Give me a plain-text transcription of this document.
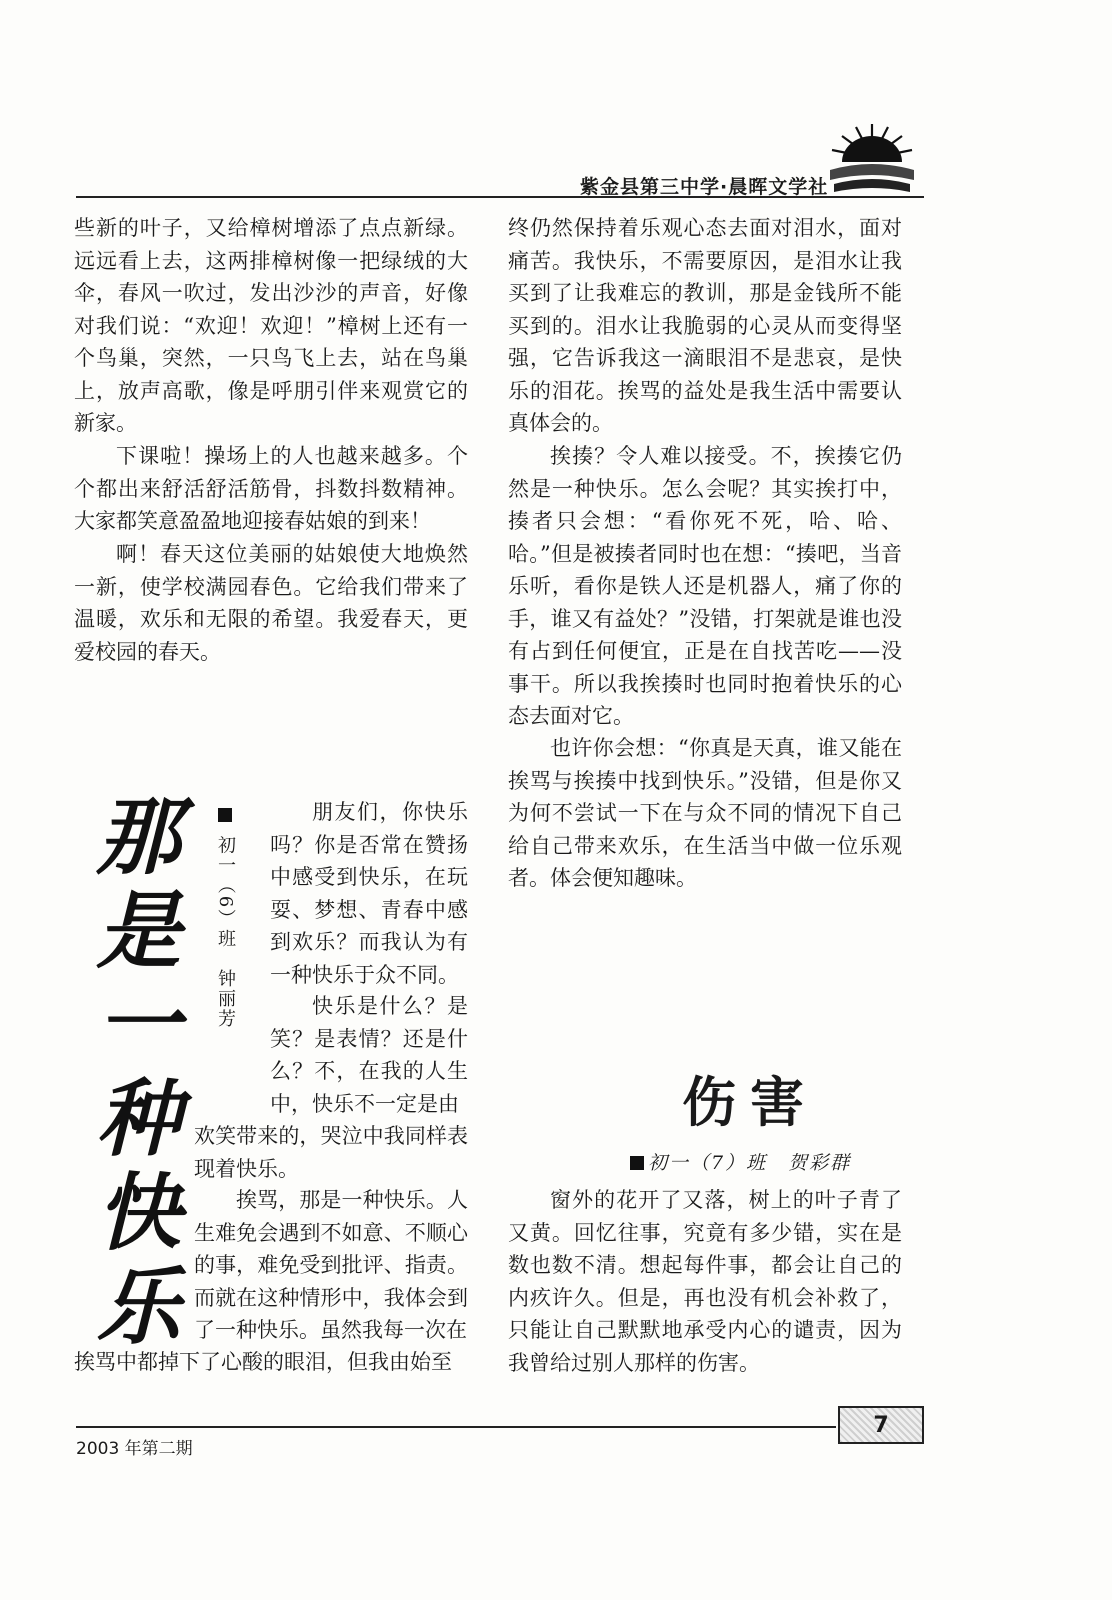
紫金县第三中学·晨晖文学社

些新的叶子，又给樟树增添了点点新绿。远远看上去，这两排樟树像一把绿绒的大伞，春风一吹过，发出沙沙的声音，好像对我们说：“欢迎！欢迎！”樟树上还有一个鸟巢，突然，一只鸟飞上去，站在鸟巢上，放声高歌，像是呼朋引伴来观赏它的新家。

下课啦！操场上的人也越来越多。个个都出来舒活舒活筋骨，抖数抖数精神。大家都笑意盈盈地迎接春姑娘的到来！

啊！春天这位美丽的姑娘使大地焕然一新，使学校满园春色。它给我们带来了温暖，欢乐和无限的希望。我爱春天，更爱校园的春天。

那是一种快乐 初一（6）班　钟丽芳

朋友们，你快乐吗？你是否常在赞扬中感受到快乐，在玩耍、梦想、青春中感到欢乐？而我认为有一种快乐于众不同。

快乐是什么？是笑？是表情？还是什么？不，在我的人生中，快乐不一定是由

欢笑带来的，哭泣中我同样表现着快乐。

挨骂，那是一种快乐。人生难免会遇到不如意、不顺心的事，难免受到批评、指责。而就在这种情形中，我体会到了一种快乐。虽然我每一次在

挨骂中都掉下了心酸的眼泪，但我由始至

终仍然保持着乐观心态去面对泪水，面对痛苦。我快乐，不需要原因，是泪水让我买到了让我难忘的教训，那是金钱所不能买到的。泪水让我脆弱的心灵从而变得坚强，它告诉我这一滴眼泪不是悲哀，是快乐的泪花。挨骂的益处是我生活中需要认真体会的。

挨揍？令人难以接受。不，挨揍它仍然是一种快乐。怎么会呢？其实挨打中，揍者只会想：“看你死不死，哈、哈、哈。”但是被揍者同时也在想：“揍吧，当音乐听，看你是铁人还是机器人，痛了你的手，谁又有益处？”没错，打架就是谁也没有占到任何便宜，正是在自找苦吃——没事干。所以我挨揍时也同时抱着快乐的心态去面对它。

也许你会想：“你真是天真，谁又能在挨骂与挨揍中找到快乐。”没错，但是你又为何不尝试一下在与众不同的情况下自己给自己带来欢乐，在生活当中做一位乐观者。体会便知趣味。

伤害
初一（7）班　贺彩群

窗外的花开了又落，树上的叶子青了又黄。回忆往事，究竟有多少错，实在是数也数不清。想起每件事，都会让自己的内疚许久。但是，再也没有机会补救了，只能让自己默默地承受内心的谴责，因为我曾给过别人那样的伤害。

7
2003 年第二期
